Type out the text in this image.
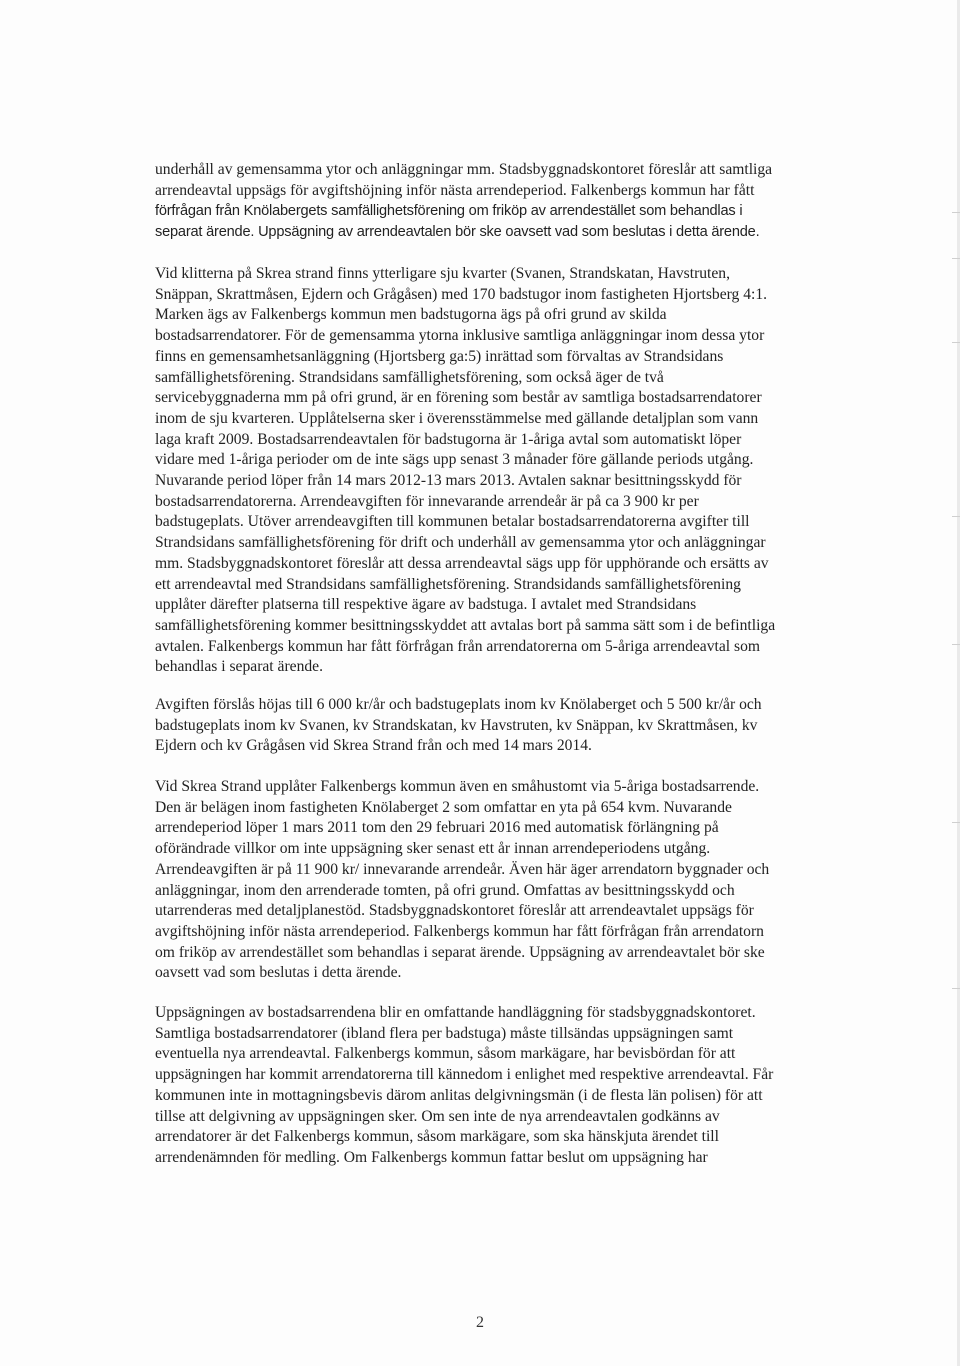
underhåll av gemensamma ytor och anläggningar mm. Stadsbyggnadskontoret föreslår att samtliga
arrendeavtal uppsägs för avgiftshöjning inför nästa arrendeperiod. Falkenbergs kommun har fått
förfrågan från Knölabergets samfällighetsförening om friköp av arrendestället som behandlas i
separat ärende. Uppsägning av arrendeavtalen bör ske oavsett vad som beslutas i detta ärende.
Vid klitterna på Skrea strand finns ytterligare sju kvarter (Svanen, Strandskatan, Havstruten,
Snäppan, Skrattmåsen, Ejdern och Grågåsen) med 170 badstugor inom fastigheten Hjortsberg 4:1.
Marken ägs av Falkenbergs kommun men badstugorna ägs på ofri grund av skilda
bostadsarrendatorer. För de gemensamma ytorna inklusive samtliga anläggningar inom dessa ytor
finns en gemensamhetsanläggning (Hjortsberg ga:5) inrättad som förvaltas av Strandsidans
samfällighetsförening. Strandsidans samfällighetsförening, som också äger de två
servicebyggnaderna mm på ofri grund, är en förening som består av samtliga bostadsarrendatorer
inom de sju kvarteren. Upplåtelserna sker i överensstämmelse med gällande detaljplan som vann
laga kraft 2009. Bostadsarrendeavtalen för badstugorna är 1-åriga avtal som automatiskt löper
vidare med 1-åriga perioder om de inte sägs upp senast 3 månader före gällande periods utgång.
Nuvarande period löper från 14 mars 2012-13 mars 2013. Avtalen saknar besittningsskydd för
bostadsarrendatorerna. Arrendeavgiften för innevarande arrendeår är på ca 3 900 kr per
badstugeplats. Utöver arrendeavgiften till kommunen betalar bostadsarrendatorerna avgifter till
Strandsidans samfällighetsförening för drift och underhåll av gemensamma ytor och anläggningar
mm. Stadsbyggnadskontoret föreslår att dessa arrendeavtal sägs upp för upphörande och ersätts av
ett arrendeavtal med Strandsidans samfällighetsförening. Strandsidands samfällighetsförening
upplåter därefter platserna till respektive ägare av badstuga. I avtalet med Strandsidans
samfällighetsförening kommer besittningsskyddet att avtalas bort på samma sätt som i de befintliga
avtalen. Falkenbergs kommun har fått förfrågan från arrendatorerna om 5-åriga arrendeavtal som
behandlas i separat ärende.
Avgiften förslås höjas till 6 000 kr/år och badstugeplats inom kv Knölaberget och 5 500 kr/år och
badstugeplats inom kv Svanen, kv Strandskatan, kv Havstruten, kv Snäppan, kv Skrattmåsen, kv
Ejdern och kv Grågåsen vid Skrea Strand från och med 14 mars 2014.
Vid Skrea Strand upplåter Falkenbergs kommun även en småhustomt via 5-åriga bostadsarrende.
Den är belägen inom fastigheten Knölaberget 2 som omfattar en yta på 654 kvm. Nuvarande
arrendeperiod löper 1 mars 2011 tom den 29 februari 2016 med automatisk förlängning på
oförändrade villkor om inte uppsägning sker senast ett år innan arrendeperiodens utgång.
Arrendeavgiften är på 11 900 kr/ innevarande arrendeår. Även här äger arrendatorn byggnader och
anläggningar, inom den arrenderade tomten, på ofri grund. Omfattas av besittningsskydd och
utarrenderas med detaljplanestöd. Stadsbyggnadskontoret föreslår att arrendeavtalet uppsägs för
avgiftshöjning inför nästa arrendeperiod. Falkenbergs kommun har fått förfrågan från arrendatorn
om friköp av arrendestället som behandlas i separat ärende. Uppsägning av arrendeavtalet bör ske
oavsett vad som beslutas i detta ärende.
Uppsägningen av bostadsarrendena blir en omfattande handläggning för stadsbyggnadskontoret.
Samtliga bostadsarrendatorer (ibland flera per badstuga) måste tillsändas uppsägningen samt
eventuella nya arrendeavtal. Falkenbergs kommun, såsom markägare, har bevisbördan för att
uppsägningen har kommit arrendatorerna till kännedom i enlighet med respektive arrendeavtal. Får
kommunen inte in mottagningsbevis därom anlitas delgivningsmän (i de flesta län polisen) för att
tillse att delgivning av uppsägningen sker. Om sen inte de nya arrendeavtalen godkänns av
arrendatorer är det Falkenbergs kommun, såsom markägare, som ska hänskjuta ärendet till
arrendenämnden för medling. Om Falkenbergs kommun fattar beslut om uppsägning har
2
